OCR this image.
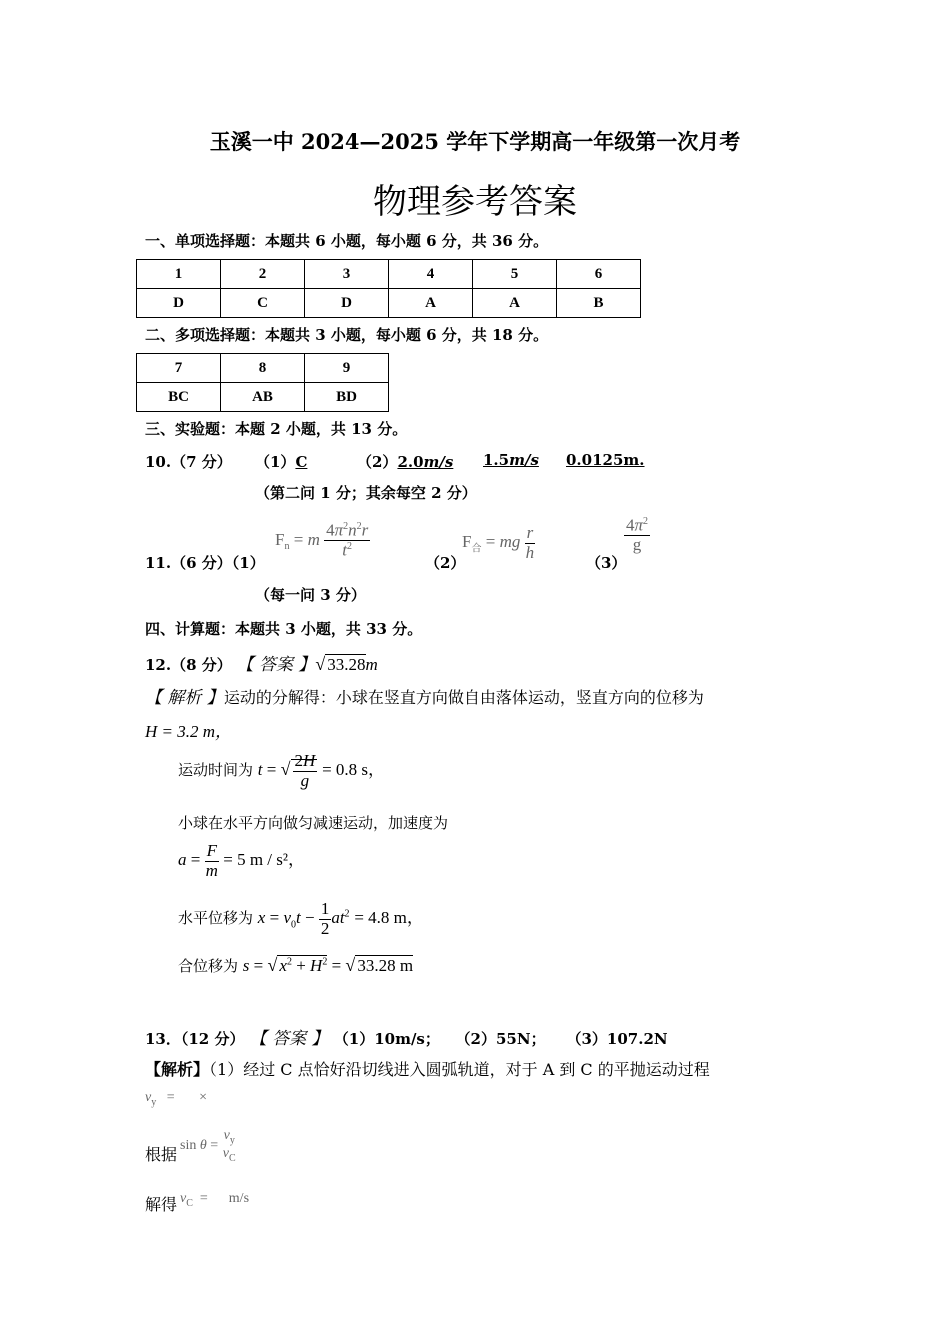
玉溪一中 2024—2025 学年下学期高一年级第一次月考
物理参考答案
一、单项选择题：本题共 6 小题，每小题 6 分，共 36 分。
1	2	3	4	5	6
D	C	D	A	A	B
二、多项选择题：本题共 3 小题，每小题 6 分，共 18 分。
7	8	9
BC	AB	BD
三、实验题：本题 2 小题，共 13 分。
10.（7 分） （1）C	（2）2.0m/s 1.5m/s 0.0125m.
（第二问 1 分；其余每空 2 分）
11.（6 分）（1）
$F_n = m \frac{4\pi^2n^2r}{t^2}$
（2）
$F_合$ = mg $\frac{r}{h}$
（3）
$\frac{4\pi^2}{g}$
（每一问 3 分）
四、计算题：本题共 3 小题，共 33 分。
12.（8 分） 【 答案 】√ 33.28m
【 解析 】运动的分解得：小球在竖直方向做自由落体运动，竖直方向的位移为
H = 3.2 m，
运动时间为 t = √ $\frac{2H}{g} = 0.8$ s，
小球在水平方向做匀减速运动，加速度为
$a = \frac{F}{m} = 5$ m / s²，
水平位移为 $x = v_0t - \frac{1}{2} at^2 = 4.8$ m，
合位移为 s = √ $x^2 + H^2$ = √ 33.28 m
13．（12 分） 【 答案 】 （1）10m/s； （2）55N； （3）107.2N
【解析】（1）经过 C 点恰好沿切线进入圆弧轨道，对于 A 到 C 的平抛运动过程
$v_y$   =       ×
根据 sin θ =
$v_y$
$v_C$
解得 $v_C$  =      m/s
